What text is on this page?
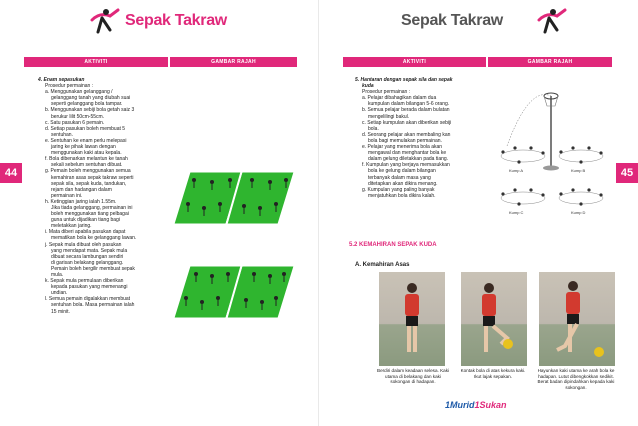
Sepak Takraw
AKTIVITI	GAMBAR RAJAH
44

4. Enam sepasukan

Prosedur permainan :

a. Menggunakan gelanggang /

gelanggang tanah yang diubah suai

seperti gelanggang bola tampar.

b. Menggunakan sebiji bola getah saiz 3

berukur lilit 50cm-55cm.

c. Satu pasukan 6 pemain.

d. Setiap pasukan boleh membuat 5

sentuhan.

e. Sentuhan ke enam perlu melepasi

jaring ke pihak lawan dengan

menggunakan kaki atau kepala.

f. Bola dibenarkan melantun ke tanah

sekali sebelum sentuhan dibuat.

g. Pemain boleh menggunakan semua

kemahiran asas sepak takraw seperti

sepak sila, sepak kuda, tandukan,

rejam dan hadangan dalam

permainan ini.

h. Ketinggian jaring ialah 1.55m.

Jika tiada gelanggang, permainan ini

boleh menggunakan tiang pelbagai

guna untuk dijadikan tiang bagi

meletakkan jaring.

i. Mata diberi apabila pasukan dapat

mematikan bola ke gelanggang lawan.

j. Sepak mula dibuat oleh pasukan

yang mendapat mata. Sepak mula

dibuat secara lambungan sendiri

di garisan belakang gelanggang.

Pemain boleh bergilir membuat sepak

mula.

k. Sepak mula permulaan diberikan

kepada pasukan yang memenangi

undian.

l. Semua pemain digalakkan membuat

sentuhan bola. Masa permainan ialah

15 minit.

Sepak Takraw
AKTIVITI	GAMBAR RAJAH
45

5. Hantaran dengan sepak sila dan sepak

kuda

Prosedur permainan :

a. Pelajar dibahagikan dalam dua

kumpulan dalam bilangan 5-6 orang.

b. Semua pelajar berada dalam bulatan

mengelilingi bakul.

c. Setiap kumpulan akan diberikan sebiji

bola.

d. Seorang pelajar akan membaling kan

bola bagi memulakan permainan.

e. Pelajar yang menerima bola akan

mengawal dan menghantar bola ke

dalam gelung diletakkan pada tiang.

f. Kumpulan yang berjaya memasukkan

bola ke gelung dalam bilangan

terbanyak dalam masa yang

ditetapkan akan dikira menang.

g. Kumpulan yang paling banyak

menjatuhkan bola dikira kalah.

Kump A	Kump B
Kump C	Kump D
5.2 KEMAHIRAN SEPAK KUDA
A. Kemahiran Asas
Berdiri dalam keadaan selesa. Kaki utama di belakang dan kaki sokongan di hadapan.
Kontak bola di atas kekura kaki. Ikut lajak sepakan.
Hayunkan kaki utama ke arah bola ke hadapan. Lutut dibengkokkan sedikit. Berat badan dipindahkan kepada kaki sokongan.
1Murid1Sukan
